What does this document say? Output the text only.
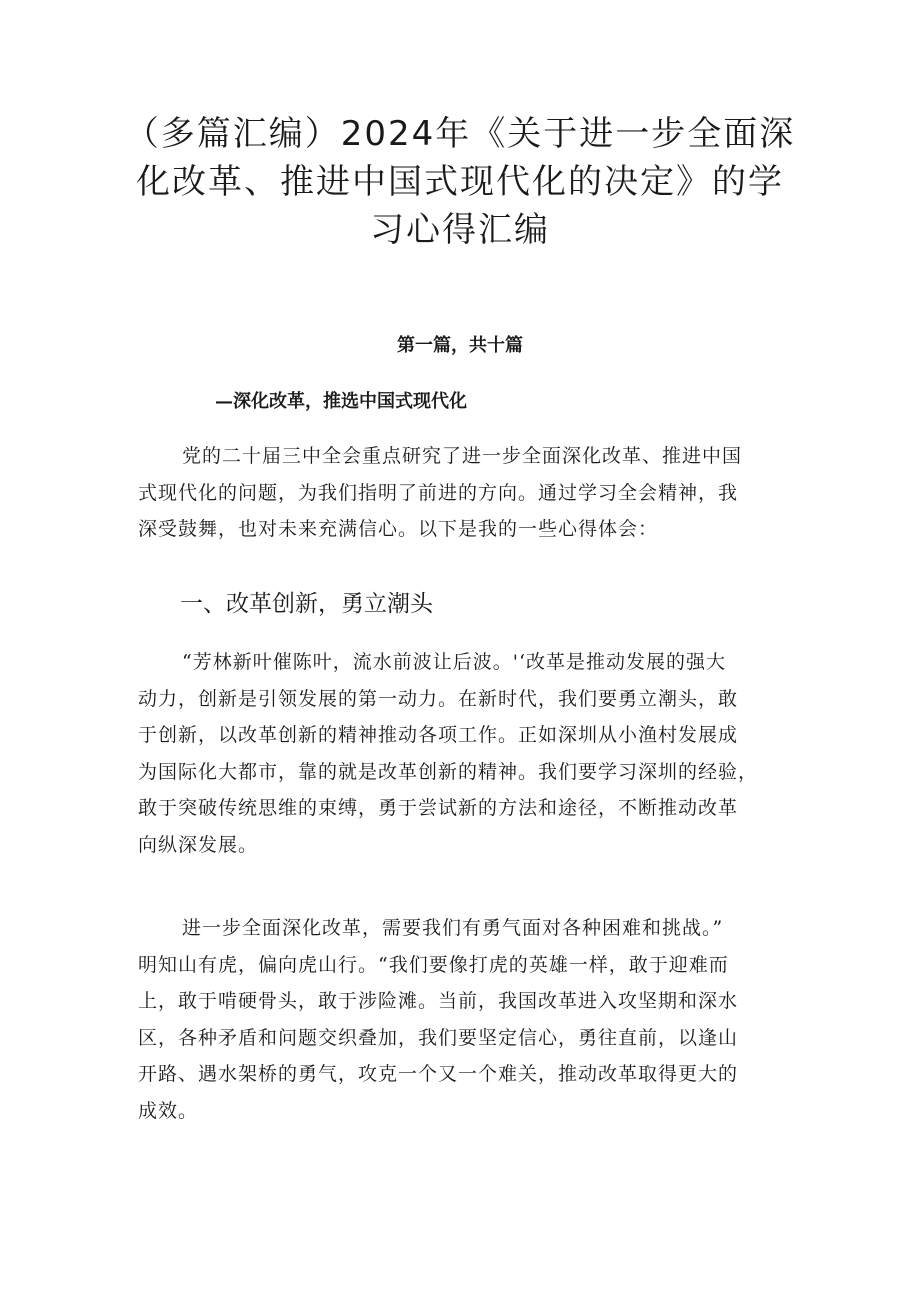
（多篇汇编）2024年《关于进一步全面深
化改革、推进中国式现代化的决定》的学
习心得汇编
第一篇，共十篇
—深化改革，推选中国式现代化

党的二十届三中全会重点研究了进一步全面深化改革、推进中国
式现代化的问题，为我们指明了前进的方向。通过学习全会精神，我
深受鼓舞，也对未来充满信心。以下是我的一些心得体会：

一、改革创新，勇立潮头

“芳林新叶催陈叶，流水前波让后波。'‘改革是推动发展的强大
动力，创新是引领发展的第一动力。在新时代，我们要勇立潮头，敢
于创新，以改革创新的精神推动各项工作。正如深圳从小渔村发展成
为国际化大都市，靠的就是改革创新的精神。我们要学习深圳的经验，
敢于突破传统思维的束缚，勇于尝试新的方法和途径，不断推动改革
向纵深发展。

进一步全面深化改革，需要我们有勇气面对各种困难和挑战。”
明知山有虎，偏向虎山行。“我们要像打虎的英雄一样，敢于迎难而
上，敢于啃硬骨头，敢于涉险滩。当前，我国改革进入攻坚期和深水
区，各种矛盾和问题交织叠加，我们要坚定信心，勇往直前，以逢山
开路、遇水架桥的勇气，攻克一个又一个难关，推动改革取得更大的
成效。
